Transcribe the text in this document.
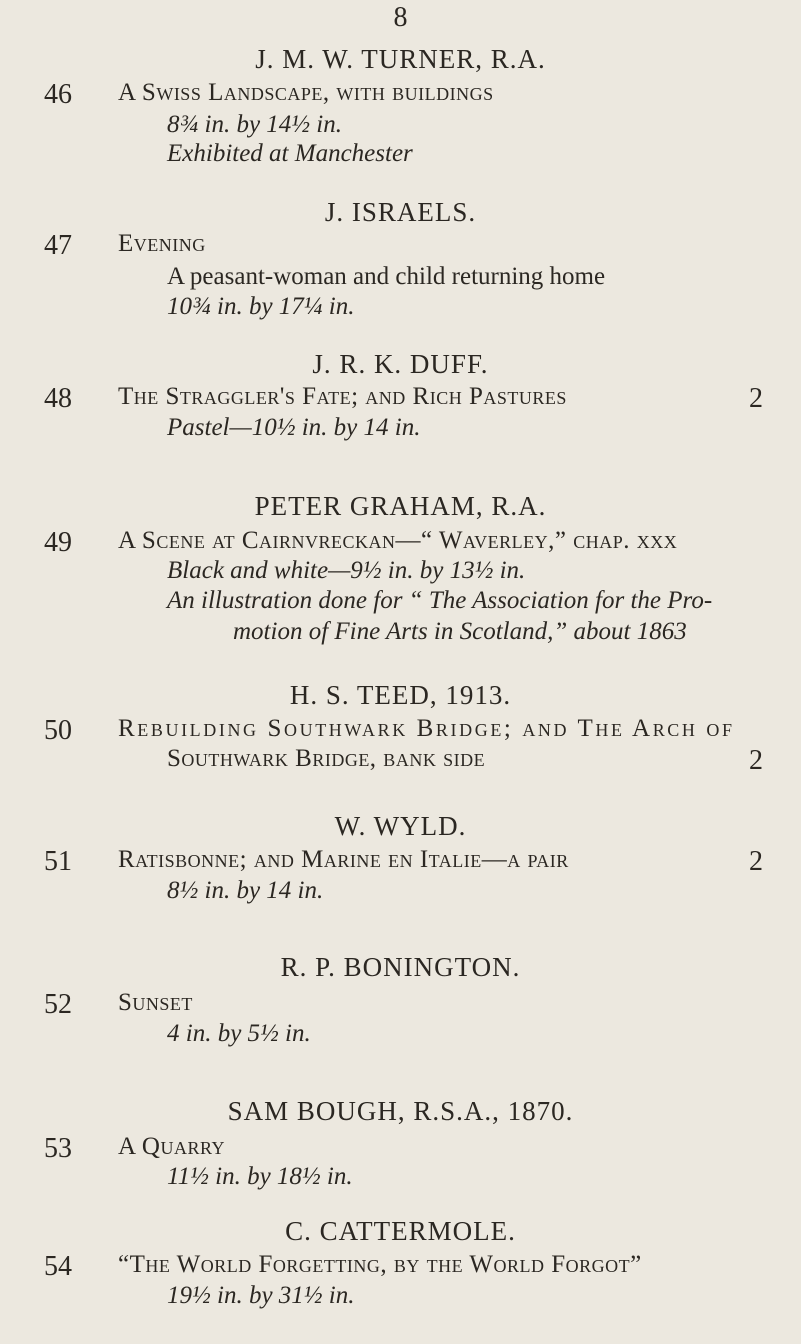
8
J. M. W. TURNER, R.A.
46 A Swiss Landscape, with buildings
8¾ in. by 14½ in.
Exhibited at Manchester
J. ISRAELS.
47 Evening
A peasant-woman and child returning home
10¾ in. by 17¼ in.
J. R. K. DUFF.
48 The Straggler's Fate; and Rich Pastures	2
Pastel—10½ in. by 14 in.
PETER GRAHAM, R.A.
49 A Scene at Cairnvreckan—“ Waverley,” chap. xxx
Black and white—9½ in. by 13½ in.
An illustration done for “ The Association for the Pro-
motion of Fine Arts in Scotland,” about 1863
H. S. TEED, 1913.
50 Rebuilding Southwark Bridge; and The Arch of
Southwark Bridge, bank side	2
W. WYLD.
51 Ratisbonne; and Marine en Italie—a pair	2
8½ in. by 14 in.
R. P. BONINGTON.
52 Sunset
4 in. by 5½ in.
SAM BOUGH, R.S.A., 1870.
53 A Quarry
11½ in. by 18½ in.
C. CATTERMOLE.
54 “The World Forgetting, by the World Forgot”
19½ in. by 31½ in.
